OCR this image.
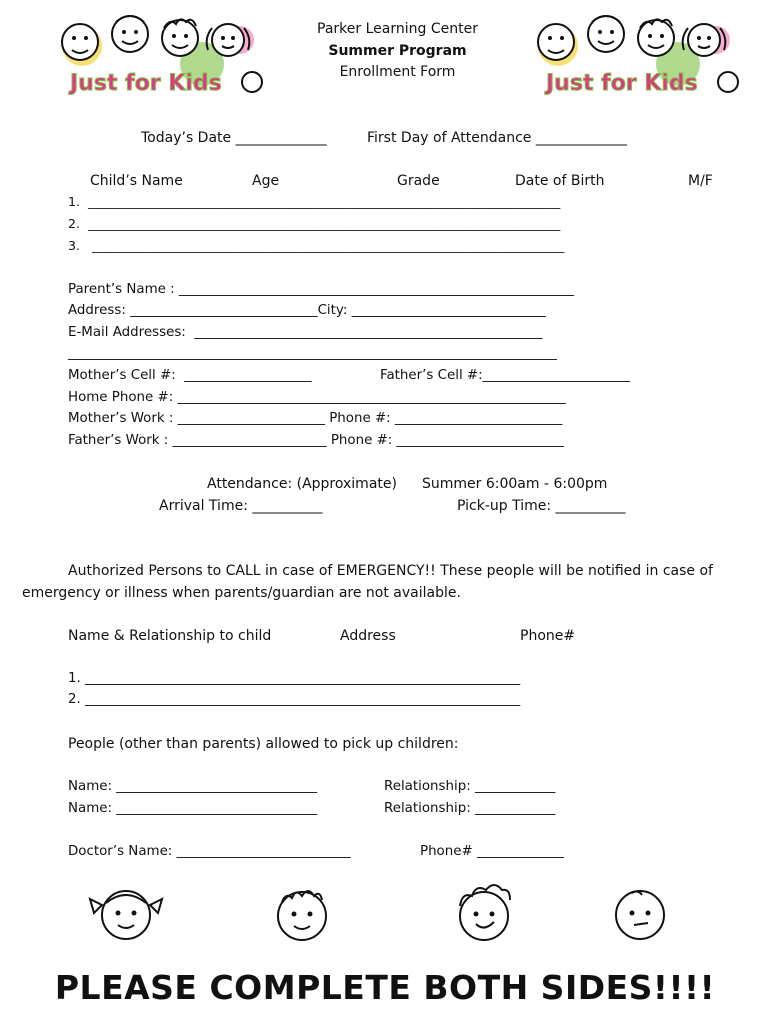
Just for Kids	Just for Kids
Parker Learning Center
Summer Program
Enrollment Form
Today’s Date _____________	First Day of Attendance _____________
Child’s Name	Age	Grade	Date of Birth	M/F
1.  ___________________________________________________________________________
2.  ___________________________________________________________________________
3.   ___________________________________________________________________________
Parent’s Name : ___________________________________________________________
Address: ____________________________City: _____________________________
E-Mail Addresses:  ____________________________________________________
_________________________________________________________________________
Mother’s Cell #:  ___________________	Father’s Cell #:______________________
Home Phone #: __________________________________________________________
Mother’s Work : ______________________ Phone #: _________________________
Father’s Work : _______________________ Phone #: _________________________
Attendance: (Approximate) Summer 6:00am - 6:00pm
Arrival Time: __________	Pick-up Time: __________
Authorized Persons to CALL in case of EMERGENCY!! These people will be notified in case of
emergency or illness when parents/guardian are not available.
Name & Relationship to child	Address	Phone#
1. _________________________________________________________________
2. _________________________________________________________________
People (other than parents) allowed to pick up children:
Name: ______________________________	Relationship: ____________
Name: ______________________________	Relationship: ____________
Doctor’s Name: __________________________	Phone# _____________
PLEASE COMPLETE BOTH SIDES!!!!
